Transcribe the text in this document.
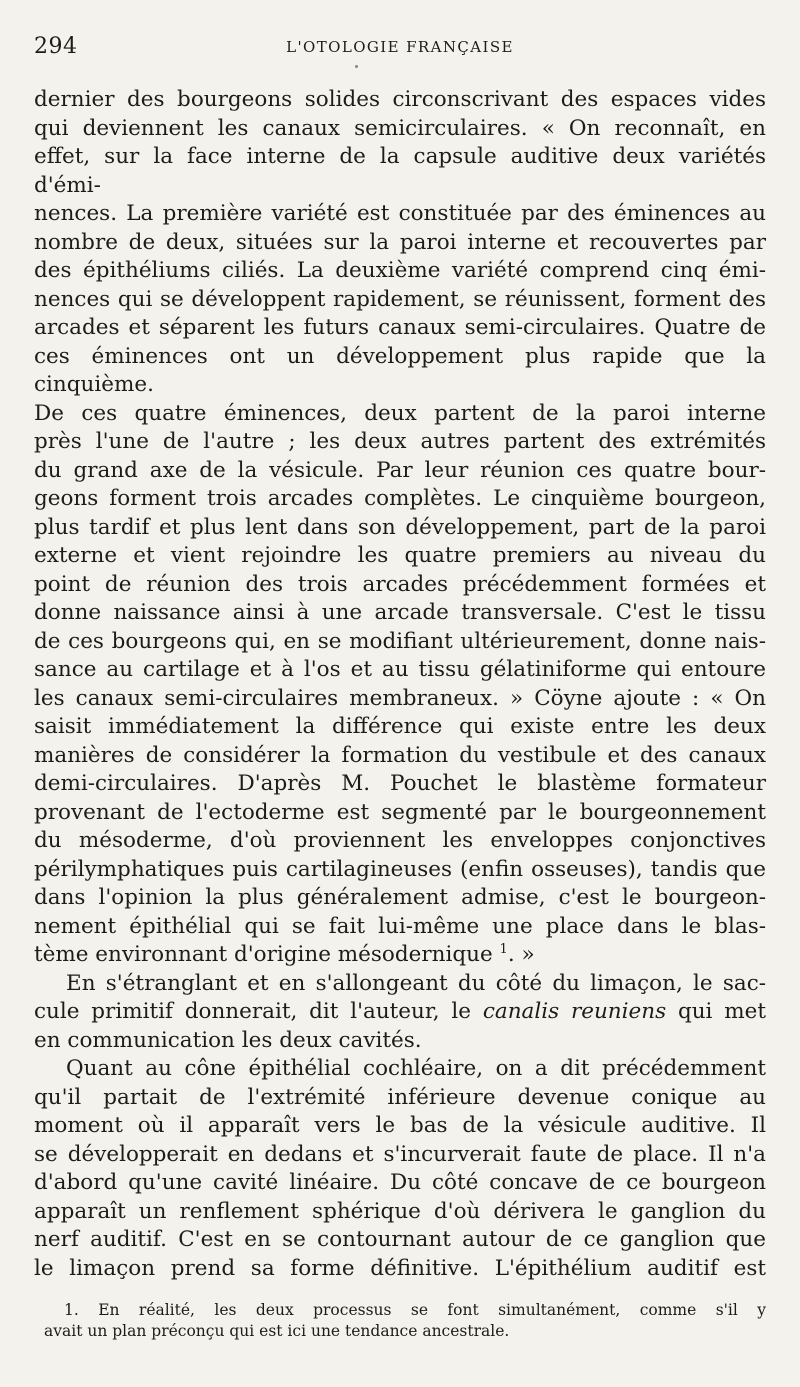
294	L'OTOLOGIE FRANÇAISE

dernier des bourgeons solides circonscrivant des espaces vides
qui deviennent les canaux semicirculaires. « On reconnaît, en
effet, sur la face interne de la capsule auditive deux variétés d'émi-
nences. La première variété est constituée par des éminences au
nombre de deux, situées sur la paroi interne et recouvertes par
des épithéliums ciliés. La deuxième variété comprend cinq émi-
nences qui se développent rapidement, se réunissent, forment des
arcades et séparent les futurs canaux semi-circulaires. Quatre de
ces éminences ont un développement plus rapide que la cinquième.
De ces quatre éminences, deux partent de la paroi interne
près l'une de l'autre ; les deux autres partent des extrémités
du grand axe de la vésicule. Par leur réunion ces quatre bour-
geons forment trois arcades complètes. Le cinquième bourgeon,
plus tardif et plus lent dans son développement, part de la paroi
externe et vient rejoindre les quatre premiers au niveau du
point de réunion des trois arcades précédemment formées et
donne naissance ainsi à une arcade transversale. C'est le tissu
de ces bourgeons qui, en se modifiant ultérieurement, donne nais-
sance au cartilage et à l'os et au tissu gélatiniforme qui entoure
les canaux semi-circulaires membraneux. » Cöyne ajoute : « On
saisit immédiatement la différence qui existe entre les deux
manières de considérer la formation du vestibule et des canaux
demi-circulaires. D'après M. Pouchet le blastème formateur
provenant de l'ectoderme est segmenté par le bourgeonnement
du mésoderme, d'où proviennent les enveloppes conjonctives
périlymphatiques puis cartilagineuses (enfin osseuses), tandis que
dans l'opinion la plus généralement admise, c'est le bourgeon-
nement épithélial qui se fait lui-même une place dans le blas-
tème environnant d'origine mésodernique $^1$. »

En s'étranglant et en s'allongeant du côté du limaçon, le sac-
cule primitif donnerait, dit l'auteur, le canalis reuniens qui met
en communication les deux cavités.

Quant au cône épithélial cochléaire, on a dit précédemment
qu'il partait de l'extrémité inférieure devenue conique au
moment où il apparaît vers le bas de la vésicule auditive. Il
se développerait en dedans et s'incurverait faute de place. Il n'a
d'abord qu'une cavité linéaire. Du côté concave de ce bourgeon
apparaît un renflement sphérique d'où dérivera le ganglion du
nerf auditif. C'est en se contournant autour de ce ganglion que
le limaçon prend sa forme définitive. L'épithélium auditif est

1. En réalité, les deux processus se font simultanément, comme s'il y
avait un plan préconçu qui est ici une tendance ancestrale.
